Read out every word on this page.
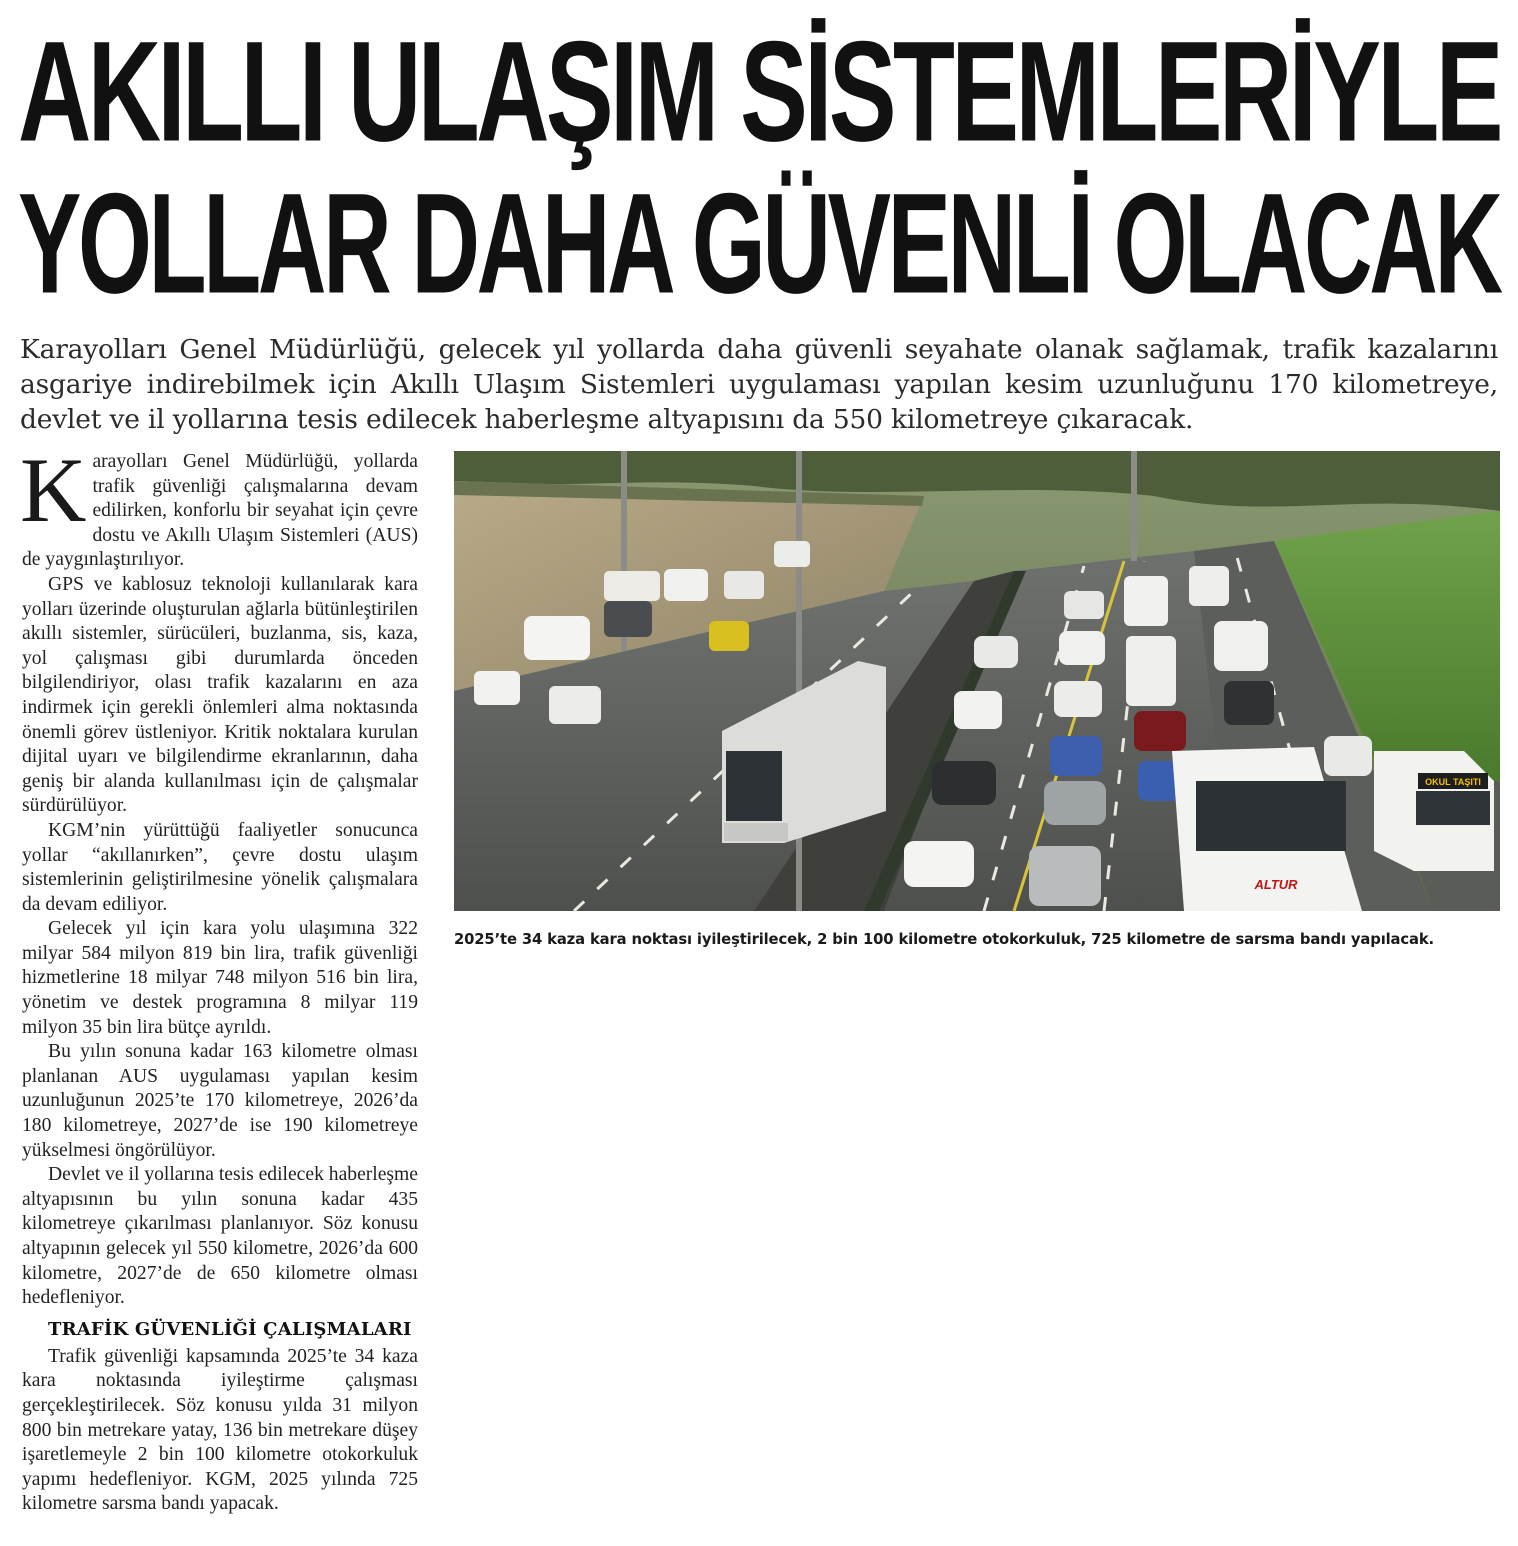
AKILLI ULAŞIM SİSTEMLERİYLE
YOLLAR DAHA GÜVENLİ OLACAK

Karayolları Genel Müdürlüğü, gelecek yıl yollarda daha güvenli seyahate olanak sağlamak, trafik kazalarını asgariye indirebilmek için Akıllı Ulaşım Sistemleri uygulaması yapılan kesim uzunluğunu 170 kilometreye, devlet ve il yollarına tesis edilecek haberleşme altyapısını da 550 kilometreye çıkaracak.

Karayolları Genel Müdürlüğü, yollarda trafik güvenliği çalışmalarına devam edilirken, konforlu bir seyahat için çevre dostu ve Akıllı Ulaşım Sistemleri (AUS) de yaygınlaştırılıyor.

GPS ve kablosuz teknoloji kullanılarak kara yolları üzerinde oluşturulan ağlarla bütünleştirilen akıllı sistemler, sürücüleri, buzlanma, sis, kaza, yol çalışması gibi durumlarda önceden bilgilendiriyor, olası trafik kazalarını en aza indirmek için gerekli önlemleri alma noktasında önemli görev üstleniyor. Kritik noktalara kurulan dijital uyarı ve bilgilendirme ekranlarının, daha geniş bir alanda kullanılması için de çalışmalar sürdürülüyor.

KGM’nin yürüttüğü faaliyetler sonucunca yollar “akıllanırken”, çevre dostu ulaşım sistemlerinin geliştirilmesine yönelik çalışmalara da devam ediliyor.

Gelecek yıl için kara yolu ulaşımına 322 milyar 584 milyon 819 bin lira, trafik güvenliği hizmetlerine 18 milyar 748 milyon 516 bin lira, yönetim ve destek programına 8 milyar 119 milyon 35 bin lira bütçe ayrıldı.

Bu yılın sonuna kadar 163 kilometre olması planlanan AUS uygulaması yapılan kesim uzunluğunun 2025’te 170 kilometreye, 2026’da 180 kilometreye, 2027’de ise 190 kilometreye yükselmesi öngörülüyor.

Devlet ve il yollarına tesis edilecek haberleşme altyapısının bu yılın sonuna kadar 435 kilometreye çıkarılması planlanıyor. Söz konusu altyapının gelecek yıl 550 kilometre, 2026’da 600 kilometre, 2027’de de 650 kilometre olması hedefleniyor.

TRAFİK GÜVENLİĞİ ÇALIŞMALARI

Trafik güvenliği kapsamında 2025’te 34 kaza kara noktasında iyileştirme çalışması gerçekleştirilecek. Söz konusu yılda 31 milyon 800 bin metrekare yatay, 136 bin metrekare düşey işaretlemeyle 2 bin 100 kilometre otokorkuluk yapımı hedefleniyor. KGM, 2025 yılında 725 kilometre sarsma bandı yapacak.

ALTUR
OKUL TAŞITI

2025’te 34 kaza kara noktası iyileştirilecek, 2 bin 100 kilometre otokorkuluk, 725 kilometre de sarsma bandı yapılacak.
